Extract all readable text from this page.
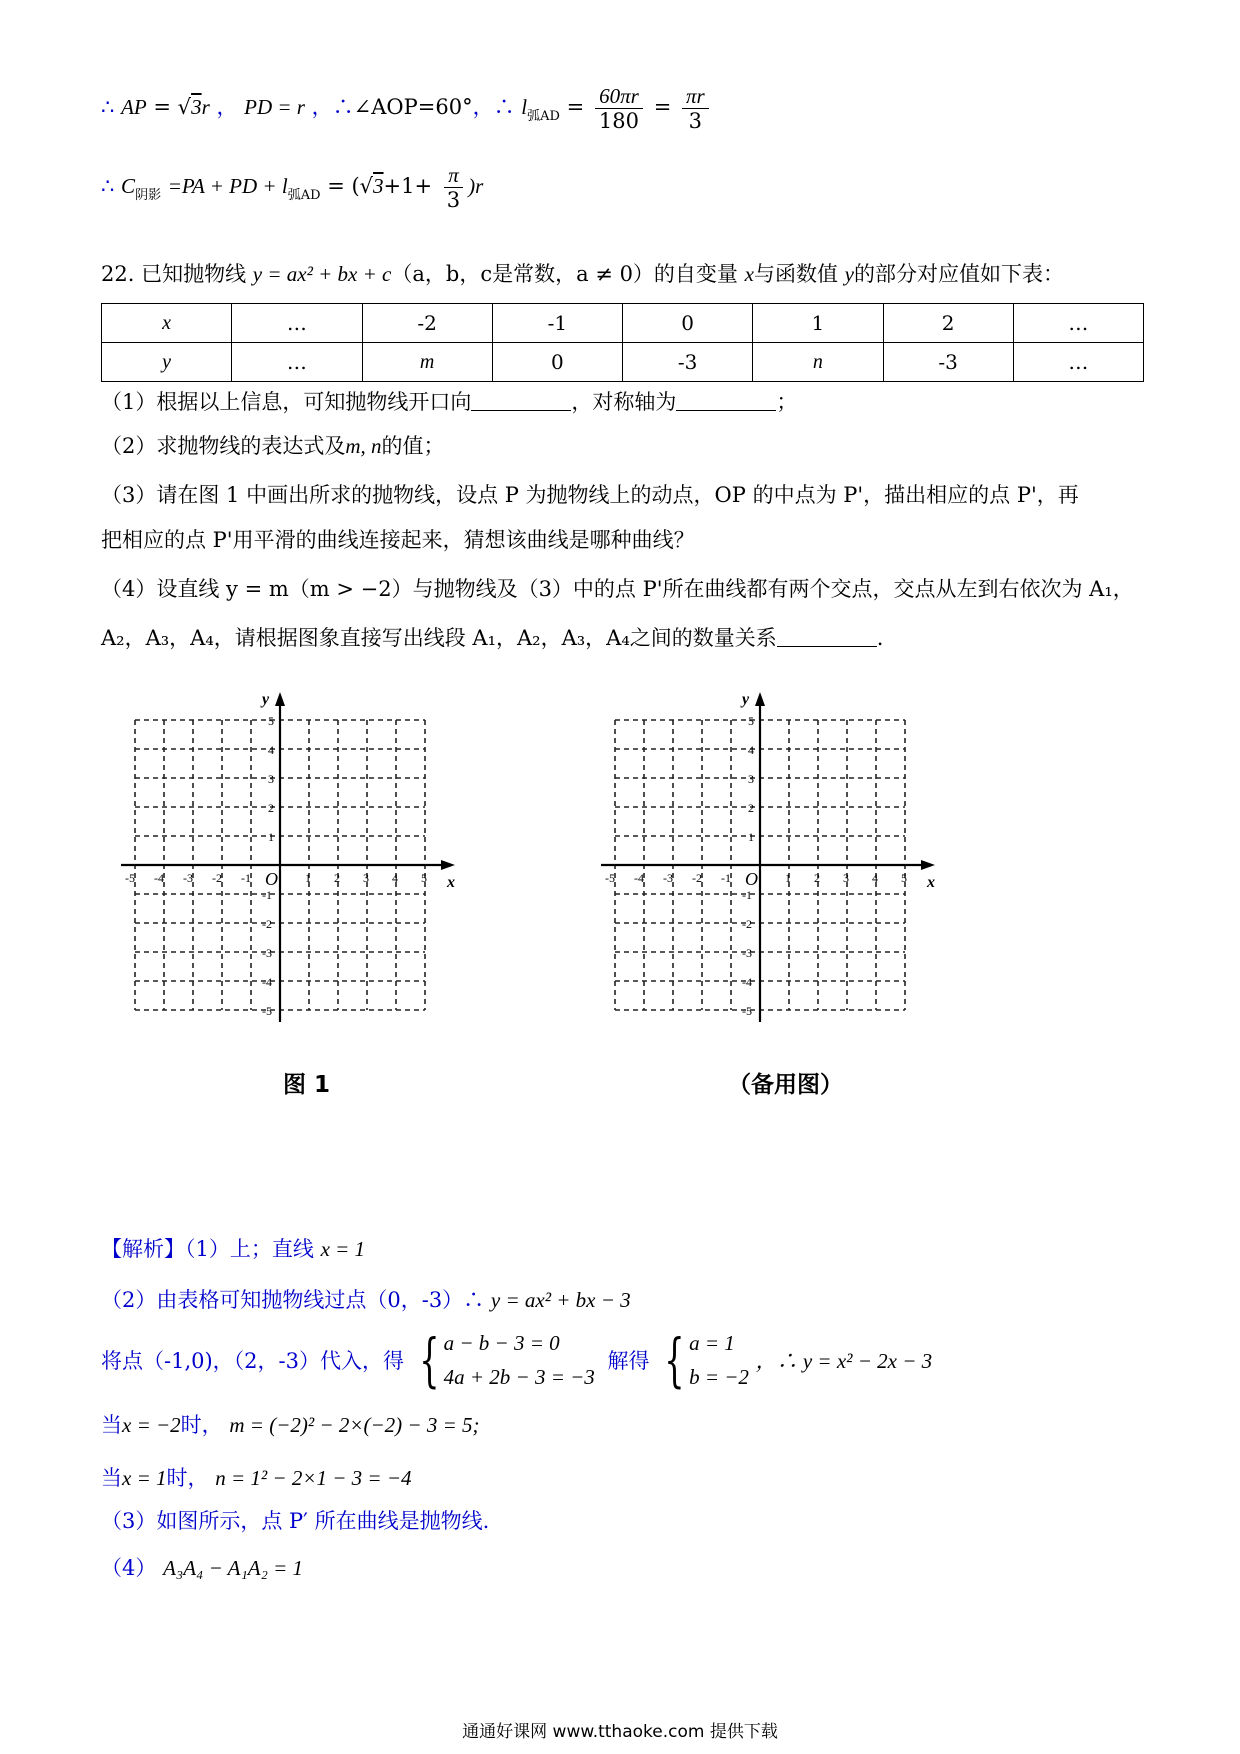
∴ AP = √3r ， PD = r ，∴∠AOP=60°，∴ $l_{弧AD} = \frac{60\pi r}{180} = \frac{\pi r}{3}$
∴ $C_{阴影} =PA$ + PD + $l_{弧AD} = (√3+1+ \frac{\pi}{3} )r$
22. 已知抛物线 y = ax² + bx + c（a，b，c是常数，a ≠ 0）的自变量 x与函数值 y的部分对应值如下表：
x	…	-2	-1	0	1	2	…
y	…	m	0	-3	n	-3	…
（1）根据以上信息，可知抛物线开口向	，对称轴为	；
（2）求抛物线的表达式及m, n的值；
（3）请在图 1 中画出所求的抛物线，设点 P 为抛物线上的动点，OP 的中点为 P'，描出相应的点 P'，再
把相应的点 P'用平滑的曲线连接起来，猜想该曲线是哪种曲线？
（4）设直线 y = m（m > −2）与抛物线及（3）中的点 P'所在曲线都有两个交点，交点从左到右依次为 A₁，
A₂，A₃，A₄，请根据图象直接写出线段 A₁，A₂，A₃，A₄之间的数量关系	.
x
y
O
-5 -4 -3 -2 -1	1 2 3 4 5
5
4
3
2
1
-1
-2
-3
-4
-5
x
y
O
-5 -4 -3 -2 -1	1 2 3 4 5
5
4
3
2
1
-1
-2
-3
-4
-5
图 1	（备用图）
【解析】（1）上；直线 x = 1
（2）由表格可知抛物线过点（0，-3）∴ y = ax² + bx − 3
将点（-1,0)，（2，-3）代入，得 { a − b − 3 = 0
4a + 2b − 3 = −3
解得 { a = 1
b = −2
，∴ y = x² − 2x − 3
当x = −2时， m = (−2)² − 2×(−2) − 3 = 5;
当x = 1时， n = 1² − 2×1 − 3 = −4
（3）如图所示，点 P′ 所在曲线是抛物线.
（4） A₃A₄ − A₁A₂ = 1
通通好课网 www.tthaoke.com 提供下载
